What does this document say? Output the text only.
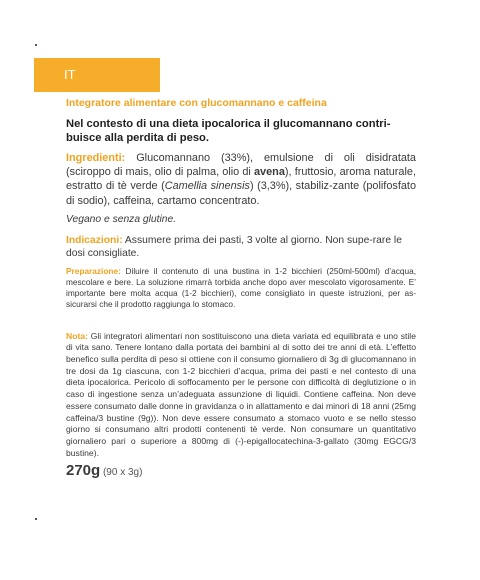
IT

Integratore alimentare con glucomannano e caffeina

Nel contesto di una dieta ipocalorica il glucomannano contri-buisce alla perdita di peso.

Ingredienti: Glucomannano (33%), emulsione di oli disidratata (sciroppo di mais, olio di palma, olio di avena), fruttosio, aroma naturale, estratto di tè verde (Camellia sinensis) (3,3%), stabiliz-zante (polifosfato di sodio), caffeina, cartamo concentrato.

Vegano e senza glutine.

Indicazioni: Assumere prima dei pasti, 3 volte al giorno. Non supe-rare le dosi consigliate.

Preparazione: Diluire il contenuto di una bustina in 1-2 bicchieri (250ml-500ml) d’acqua, mescolare e bere. La soluzione rimarrà torbida anche dopo aver mescolato vigorosamente. E’ importante bere molta acqua (1-2 bicchieri), come consigliato in queste istruzioni, per as-sicurarsi che il prodotto raggiunga lo stomaco.

Nota: Gli integratori alimentari non sostituiscono una dieta variata ed equilibrata e uno stile di vita sano. Tenere lontano dalla portata dei bambini al di sotto dei tre anni di età. L’effetto benefico sulla perdita di peso si ottiene con il consumo giornaliero di 3g di glucomannano in tre dosi da 1g ciascuna, con 1-2 bicchieri d’acqua, prima dei pasti e nel contesto di una dieta ipocalorica. Pericolo di soffocamento per le persone con difficoltà di deglutizione o in caso di ingestione senza un’adeguata assunzione di liquidi. Contiene caffeina. Non deve essere consumato dalle donne in gravidanza o in allattamento e dai minori di 18 anni (25mg caffeina/3 bustine (9g)). Non deve essere consumato a stomaco vuoto e se nello stesso giorno si consumano altri prodotti contenenti tè verde. Non consumare un quantitativo giornaliero pari o superiore a 800mg di (-)-epigallocatechina-3-gallato (30mg EGCG/3 bustine).

270g (90 x 3g)
